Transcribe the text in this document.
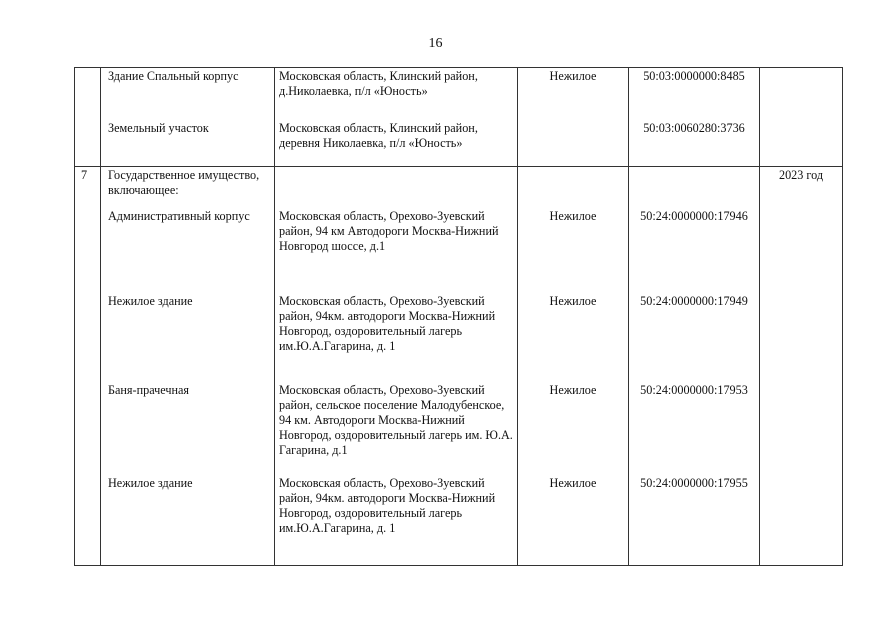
16

	Здание Спальный корпус	Московская область, Клинский район, д.Николаевка, п/л «Юность»	Нежилое	50:03:0000000:8485	

	Земельный участок	Московская область, Клинский район, деревня Николаевка, п/л «Юность»		50:03:0060280:3736	

7	Государственное имущество, включающее:				2023 год

	Административный корпус	Московская область, Орехово-Зуевский район, 94 км Автодороги Москва-Нижний Новгород шоссе, д.1	Нежилое	50:24:0000000:17946	

	Нежилое здание	Московская область, Орехово-Зуевский район, 94км. автодороги Москва-Нижний Новгород, оздоровительный лагерь им.Ю.А.Гагарина, д. 1	Нежилое	50:24:0000000:17949	

	Баня-прачечная	Московская область, Орехово-Зуевский район, сельское поселение Малодубенское, 94 км. Автодороги Москва-Нижний Новгород, оздоровительный лагерь им. Ю.А. Гагарина, д.1	Нежилое	50:24:0000000:17953	

	Нежилое здание	Московская область, Орехово-Зуевский район, 94км. автодороги Москва-Нижний Новгород, оздоровительный лагерь им.Ю.А.Гагарина, д. 1	Нежилое	50:24:0000000:17955	
